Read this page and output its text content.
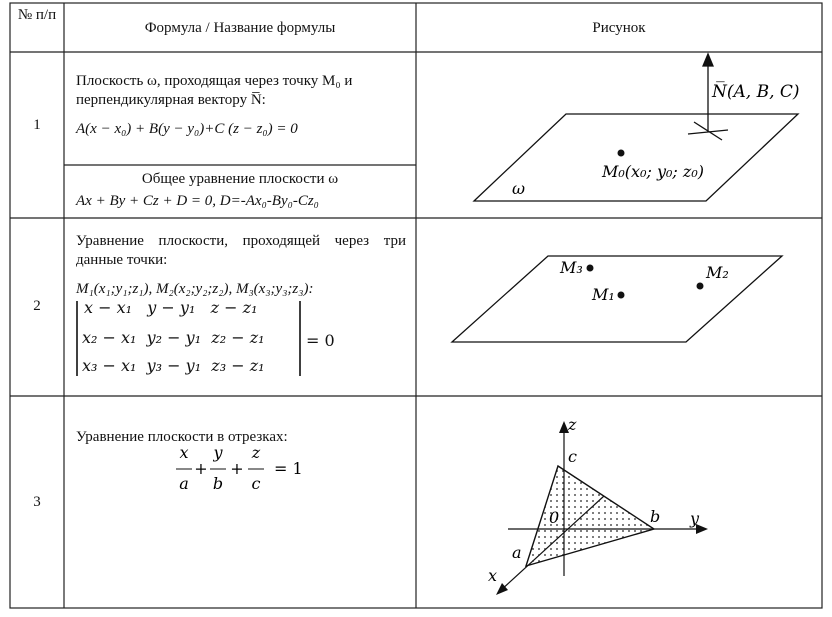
№ п/п
Формула / Название формулы	Рисунок
1
Плоскость ω, проходящая через точку M₀ и перпендикулярная вектору N̅:
A(x − x₀) + B(y − y₀)+C (z − z₀) = 0
Общее уравнение плоскости ω
Ax + By + Cz + D = 0, D=-Ax₀-By₀-Cz₀
N̅(A, B, C)
M₀(x₀; y₀; z₀)
ω
2
Уравнение плоскости, проходящей через три данные точки:
M₁(x₁;y₁;z₁), M₂(x₂;y₂;z₂), M₃(x₃;y₃;z₃):
x − x₁   y − y₁   z − z₁
x₂ − x₁  y₂ − y₁  z₂ − z₁
x₃ − x₁  y₃ − y₁  z₃ − z₁
= 0
M₃
M₁
M₂
3
Уравнение плоскости в отрезках:
x
a
y
b
z
c
+ + = 1
z
y
x
0
a
b
c
